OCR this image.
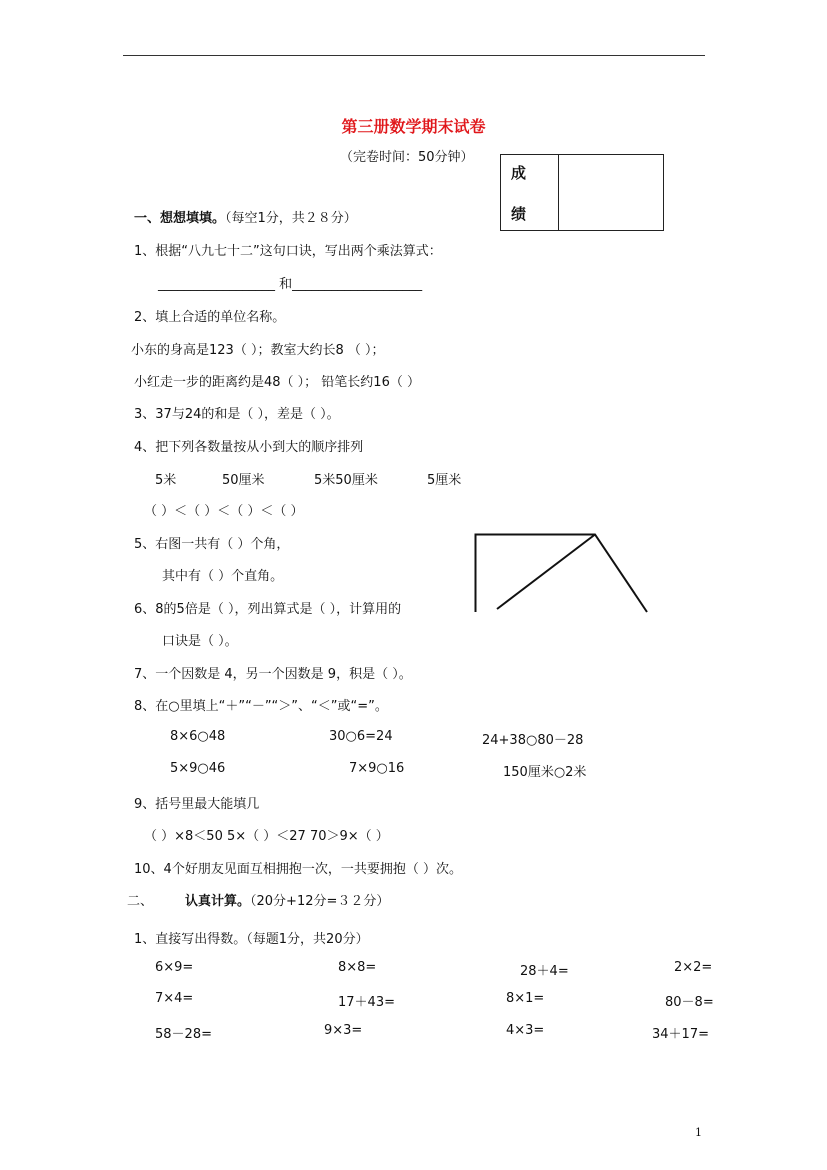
第三册数学期末试卷
（完卷时间：50分钟）
成
绩
一、想想填填。（每空1分，共２８分）
1、根据“八九七十二”这句口诀，写出两个乘法算式：
__________________ 和____________________
2、填上合适的单位名称。
小东的身高是123（ ）；教室大约长8 （ ）；
小红走一步的距离约是48（ ）； 铅笔长约16（ ）
3、37与24的和是（ ），差是（ ）。
4、把下列各数量按从小到大的顺序排列
5米	50厘米	5米50厘米	5厘米
（ ）＜（ ）＜（ ）＜（ ）
5、右图一共有（ ）个角，
其中有（ ）个直角。
6、8的5倍是（ ），列出算式是（ ），计算用的
口诀是（ ）。
7、一个因数是 4，另一个因数是 9，积是（ ）。
8、在○里填上“＋”“－”“＞”、“＜”或“=”。
8×6○48	30○6=24	24+38○80－28
5×9○46	7×9○16	150厘米○2米
9、括号里最大能填几
（ ）×8＜50 5×（ ）＜27 70＞9×（ ）
10、4个好朋友见面互相拥抱一次，一共要拥抱（ ）次。
二、 认真计算。（20分+12分=３２分）
1、直接写出得数。（每题1分，共20分）
6×9=	8×8=	28＋4=	2×2=
7×4=	17＋43=	8×1=	80－8=
58－28=	9×3=	4×3=	34＋17=
1
